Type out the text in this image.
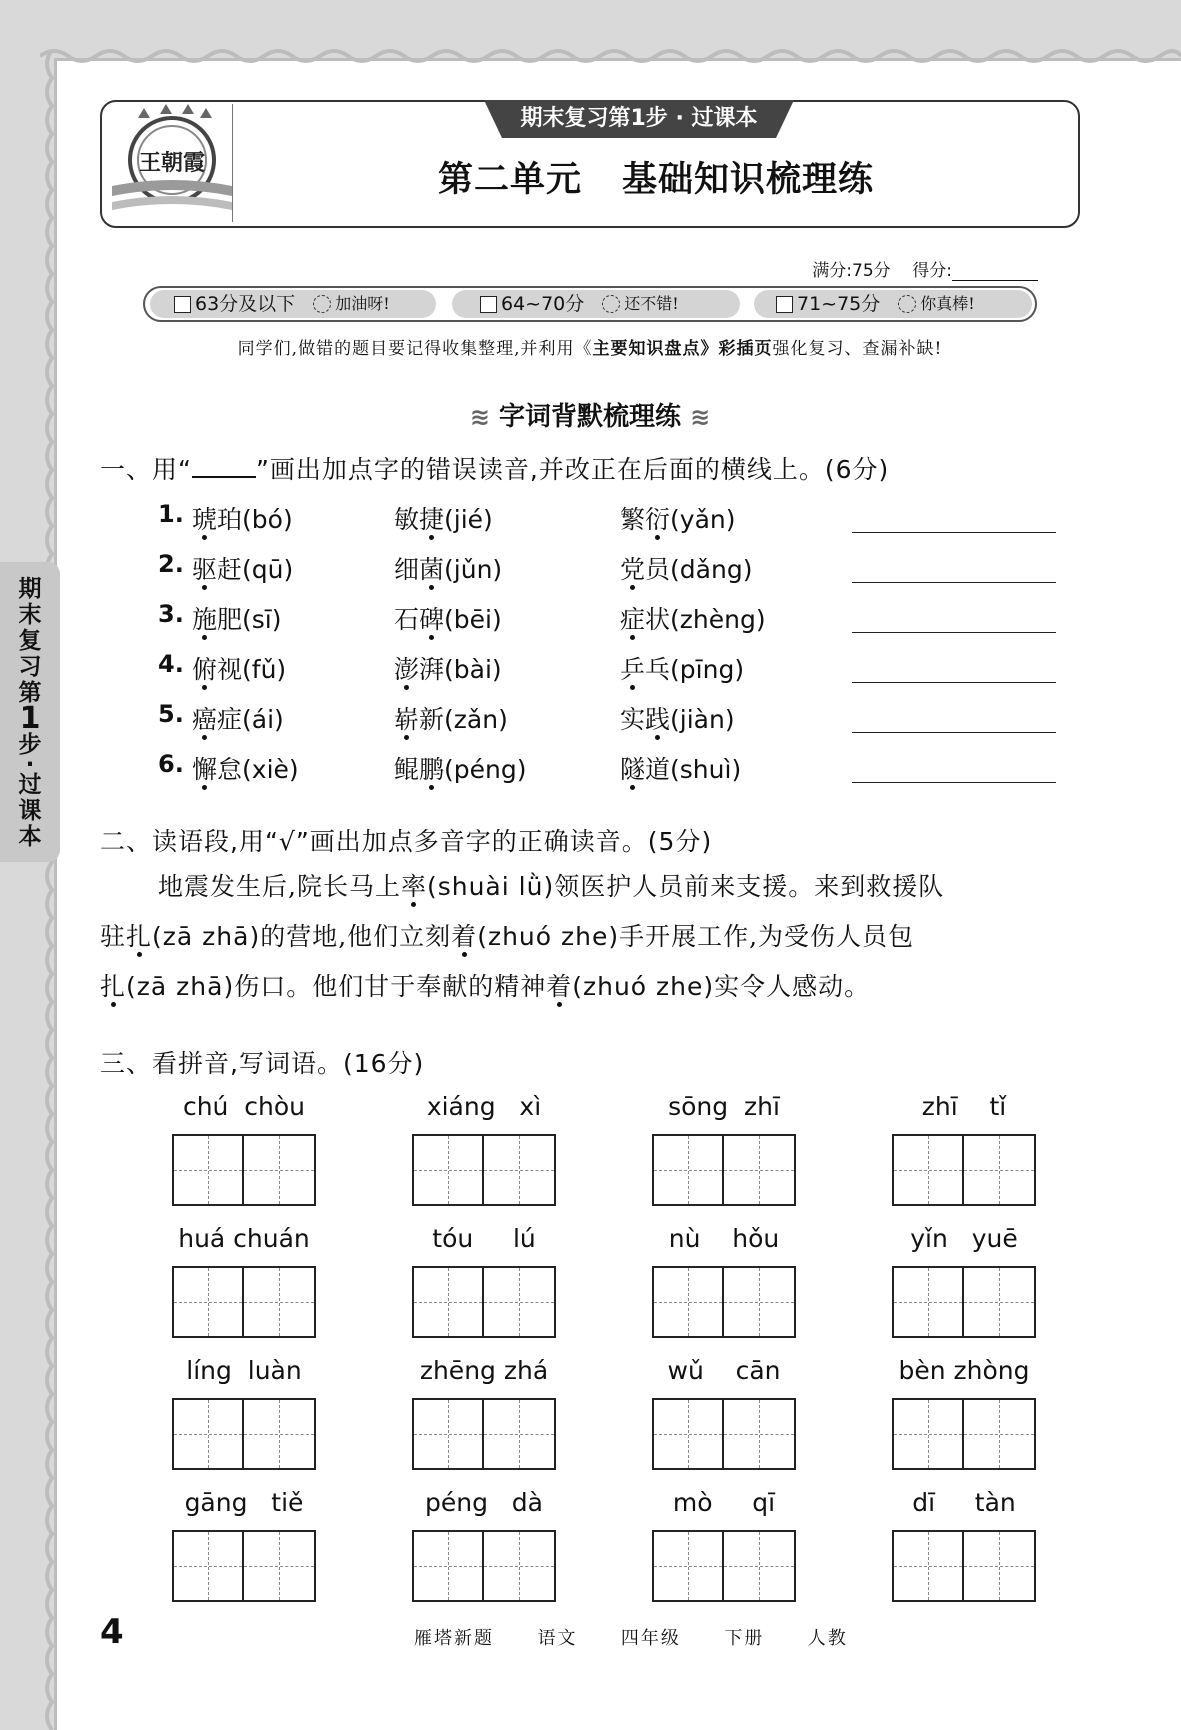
王朝霞
期末复习第1步 · 过课本
第二单元 基础知识梳理练
满分:75分 得分:
63分及以下	加油呀!	64~70分	还不错!	71~75分	你真棒!
同学们,做错的题目要记得收集整理,并利用《主要知识盘点》彩插页强化复习、查漏补缺!
≋ 字词背默梳理练 ≋
一、用“	”画出加点字的错误读音,并改正在后面的横线上。(6分)
1. 琥珀(bó)	敏捷(jié)	繁衍(yǎn)
2. 驱赶(qū)	细菌(jǔn)	党员(dǎng)
3. 施肥(sī)	石碑(bēi)	症状(zhèng)
4. 俯视(fǔ)	澎湃(bài)	乒乓(pīng)
5. 癌症(ái)	崭新(zǎn)	实践(jiàn)
6. 懈怠(xiè)	鲲鹏(péng)	隧道(shuì)
二、读语段,用“√”画出加点多音字的正确读音。(5分)

地震发生后,院长马上率(shuài lǜ)领医护人员前来支援。来到救援队

驻扎(zā zhā)的营地,他们立刻着(zhuó zhe)手开展工作,为受伤人员包

扎(zā zhā)伤口。他们甘于奉献的精神着(zhuó zhe)实令人感动。

三、看拼音,写词语。(16分)
chú  chòu	xiáng   xì	sōng  zhī	zhī    tǐ
huá chuán	tóu     lú	nù    hǒu	yǐn   yuē
líng  luàn	zhēng zhá	wǔ    cān	bèn zhòng
gāng   tiě	péng   dà	mò     qī	dī     tàn
期
末
复
习
第
1
步
·
过
课
本
4	雁塔新题  语文  四年级  下册  人教
